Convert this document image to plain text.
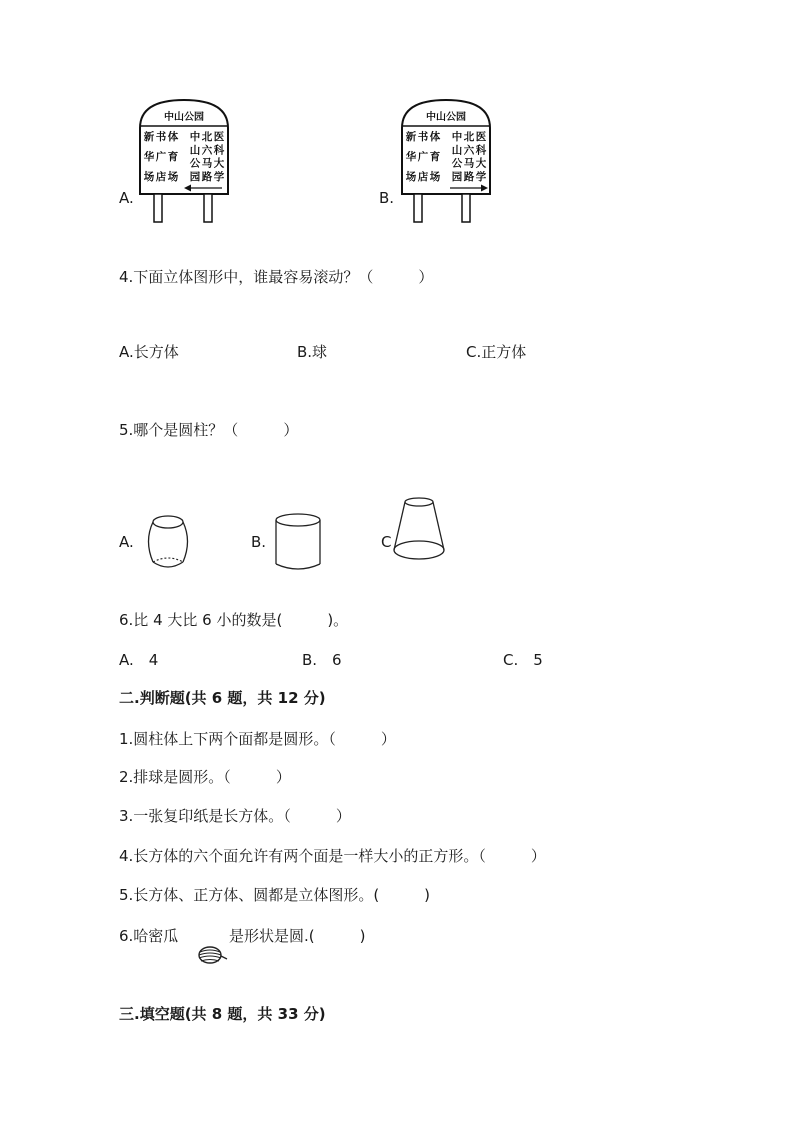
A.
中山公园
新
华
场
书
广
店
体
育
场
中
山
公
园
北
六
马
路
医
科
大
学
B.
中山公园
新
华
场
书
广
店
体
育
场
中
山
公
园
北
六
马
路
医
科
大
学
4.下面立体图形中，谁最容易滚动？（　　　）
A.长方体	B.球	C.正方体
5.哪个是圆柱？（　　　）
A.	B.	C
6.比 4 大比 6 小的数是(　　　)。
A.　4	B.　6	C.　5
二.判断题(共 6 题，共 12 分)
1.圆柱体上下两个面都是圆形。（　　　）
2.排球是圆形。（　　　）
3.一张复印纸是长方体。（　　　）
4.长方体的六个面允许有两个面是一样大小的正方形。（　　　）
5.长方体、正方体、圆都是立体图形。(　　　)
6.哈密瓜	是形状是圆.(　　　)
三.填空题(共 8 题，共 33 分)
